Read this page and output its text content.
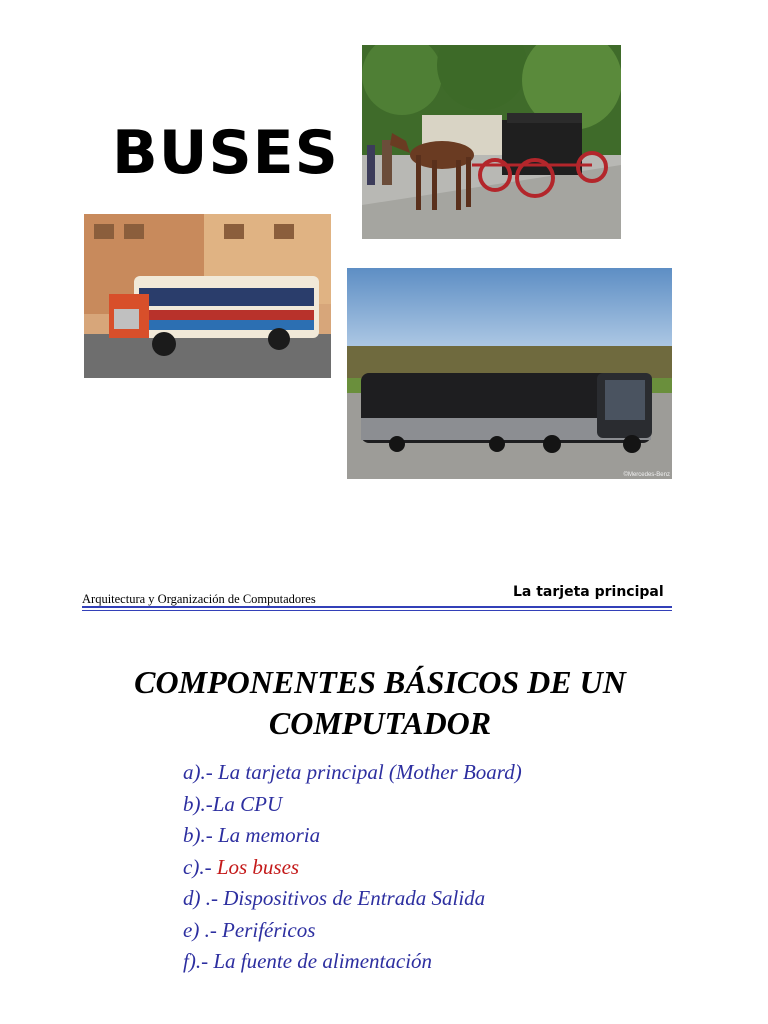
BUSES
©Mercedes-Benz
Arquitectura y Organización de Computadores	La tarjeta principal
COMPONENTES BÁSICOS DE UN
COMPUTADOR
a).- La tarjeta principal (Mother Board)
b).-La CPU
b).- La memoria
c).- Los buses
d) .- Dispositivos de Entrada Salida
e) .- Periféricos
f).- La fuente de alimentación
